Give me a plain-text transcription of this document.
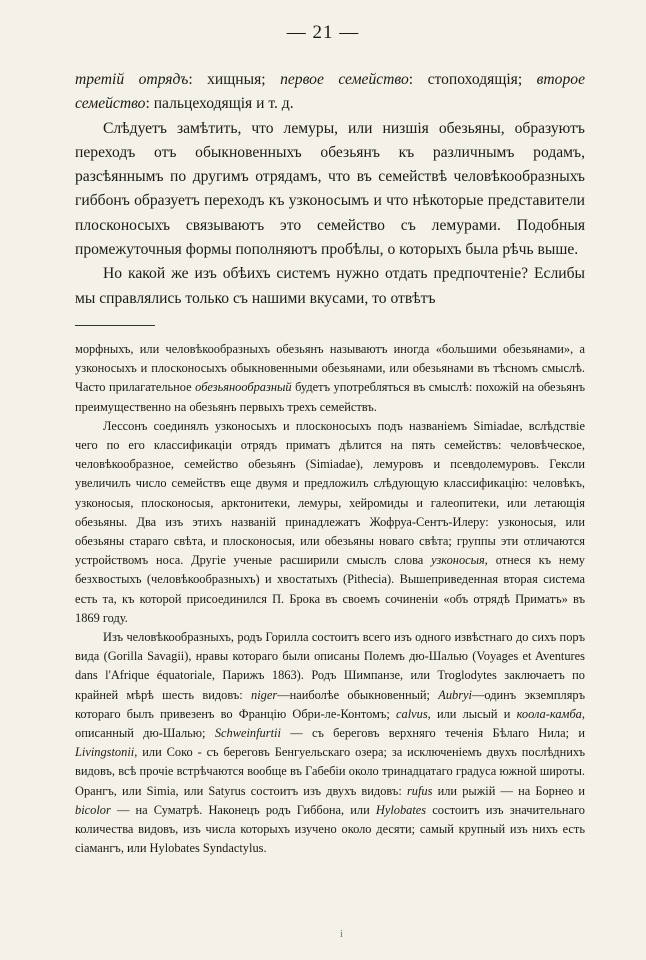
— 21 —

третій отрядъ: хищныя; первое семейство: стопоходящія; второе семейство: пальцеходящія и т. д.

Слѣдуетъ замѣтить, что лемуры, или низшія обезьяны, образуютъ переходъ отъ обыкновенныхъ обезьянъ къ различнымъ родамъ, разсѣяннымъ по другимъ отрядамъ, что въ семействѣ человѣкообразныхъ гиббонъ образуетъ переходъ къ узконосымъ и что нѣкоторые представители плосконосыхъ связываютъ это семейство съ лемурами. Подобныя промежуточныя формы пополняютъ пробѣлы, о которыхъ была рѣчь выше.

Но какой же изъ обѣихъ системъ нужно отдать предпочтеніе? Еслибы мы справлялись только съ нашими вкусами, то отвѣтъ

морфныхъ, или человѣкообразныхъ обезьянъ называютъ иногда «большими обезьянами», а узконосыхъ и плосконосыхъ обыкновенными обезьянами, или обезьянами въ тѣсномъ смыслѣ. Часто прилагательное обезьянообразный будетъ употребляться въ смыслѣ: похожій на обезьянъ преимущественно на обезьянъ первыхъ трехъ семействъ.

Лессонъ соединялъ узконосыхъ и плосконосыхъ подъ названіемъ Simiadae, вслѣдствіе чего по его классификаціи отрядъ приматъ дѣлится на пять семействъ: человѣческое, человѣкообразное, семейство обезьянъ (Simiadae), лемуровъ и псевдолемуровъ. Гексли увеличилъ число семействъ еще двумя и предложилъ слѣдующую классификацію: человѣкъ, узконосыя, плосконосыя, арктонитеки, лемуры, хейромиды и галеопитеки, или летающія обезьяны. Два изъ этихъ названій принадлежатъ Жофруа-Сентъ-Илеру: узконосыя, или обезьяны стараго свѣта, и плосконосыя, или обезьяны новаго свѣта; группы эти отличаются устройствомъ носа. Другіе ученые расширили смыслъ слова узконосыя, отнеся къ нему безхвостыхъ (человѣкообразныхъ) и хвостатыхъ (Pithecia). Вышеприведенная вторая система есть та, къ которой присоединился П. Брока въ своемъ сочиненіи «объ отрядѣ Приматъ» въ 1869 году.

Изъ человѣкообразныхъ, родъ Горилла состоитъ всего изъ одного извѣстнаго до сихъ поръ вида (Gorilla Savagii), нравы котораго были описаны Полемъ дю-Шалью (Voyages et Aventures dans l'Afrique équatoriale, Парижъ 1863). Родъ Шимпанзе, или Troglodytes заключаетъ по крайней мѣрѣ шесть видовъ: niger—наиболѣе обыкновенный; Aubryi—одинъ экземпляръ котораго былъ привезенъ во Францію Обри-ле-Контомъ; calvus, или лысый и коола-камба, описанный дю-Шалью; Schweinfurtii — съ береговъ верхняго теченія Бѣлаго Нила; и Livingstonii, или Соко - съ береговъ Бенгуельскаго озера; за исключеніемъ двухъ послѣднихъ видовъ, всѣ прочіе встрѣчаются вообще въ Габебіи около тринадцатаго градуса южной широты. Орангъ, или Simia, или Satyrus состоитъ изъ двухъ видовъ: rufus или рыжій — на Борнео и bicolor — на Суматрѣ. Наконецъ родъ Гиббона, или Hylobates состоитъ изъ значительнаго количества видовъ, изъ числа которыхъ изучено около десяти; самый крупный изъ нихъ есть сіамангъ, или Hylobates Syndactylus.

і
